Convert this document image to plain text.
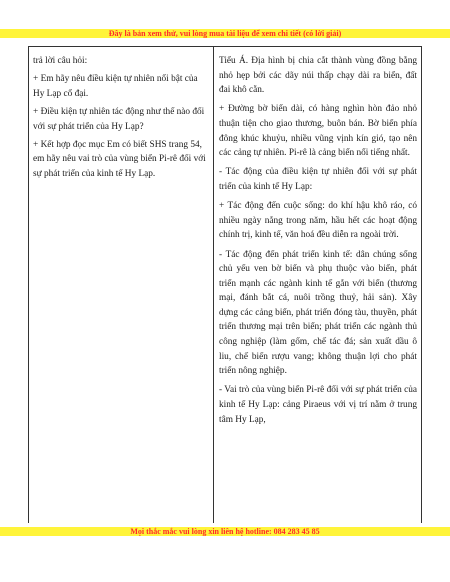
Đây là bản xem thử, vui lòng mua tài liệu để xem chi tiết (có lời giải)

trả lời câu hỏi:

+ Em hãy nêu điều kiện tự nhiên nổi bật của Hy Lạp cổ đại.

+ Điều kiện tự nhiên tác động như thế nào đối với sự phát triển của Hy Lạp?

+ Kết hợp đọc mục Em có biết SHS trang 54, em hãy nêu vai trò của vùng biển Pi-rê đối với sự phát triển của kinh tế Hy Lạp.

Tiểu Á. Địa hình bị chia cắt thành vùng đồng bằng nhỏ hẹp bởi các dãy núi thấp chạy dài ra biển, đất đai khô cằn.

+ Đường bờ biển dài, có hàng nghìn hòn đảo nhỏ thuận tiện cho giao thương, buôn bán. Bờ biển phía đông khúc khuỷu, nhiều vũng vịnh kín gió, tạo nên các cảng tự nhiên. Pi-rê là cảng biển nổi tiếng nhất.

- Tác động của điều kiện tự nhiên đối với sự phát triển của kinh tế Hy Lạp:

+ Tác động đến cuộc sống: do khí hậu khô ráo, có nhiều ngày nắng trong năm, hầu hết các hoạt động chính trị, kinh tế, văn hoá đều diễn ra ngoài trời.

- Tác động đến phát triển kinh tế: dân chúng sống chủ yếu ven bờ biển và phụ thuộc vào biển, phát triển mạnh các ngành kinh tế gắn với biển (thương mại, đánh bắt cá, nuôi trồng thuỷ, hải sản). Xây dựng các cảng biển, phát triển đóng tàu, thuyền, phát triển thương mại trên biển; phát triển các ngành thủ công nghiệp (làm gốm, chế tác đá; sản xuất dầu ô liu, chế biến rượu vang; không thuận lợi cho phát triển nông nghiệp.

- Vai trò của vùng biển Pi-rê đối với sự phát triển của kinh tế Hy Lạp: cảng Piraeus với vị trí nằm ở trung tâm Hy Lạp,

Mọi thắc mắc vui lòng xin liên hệ hotline: 084 283 45 85
